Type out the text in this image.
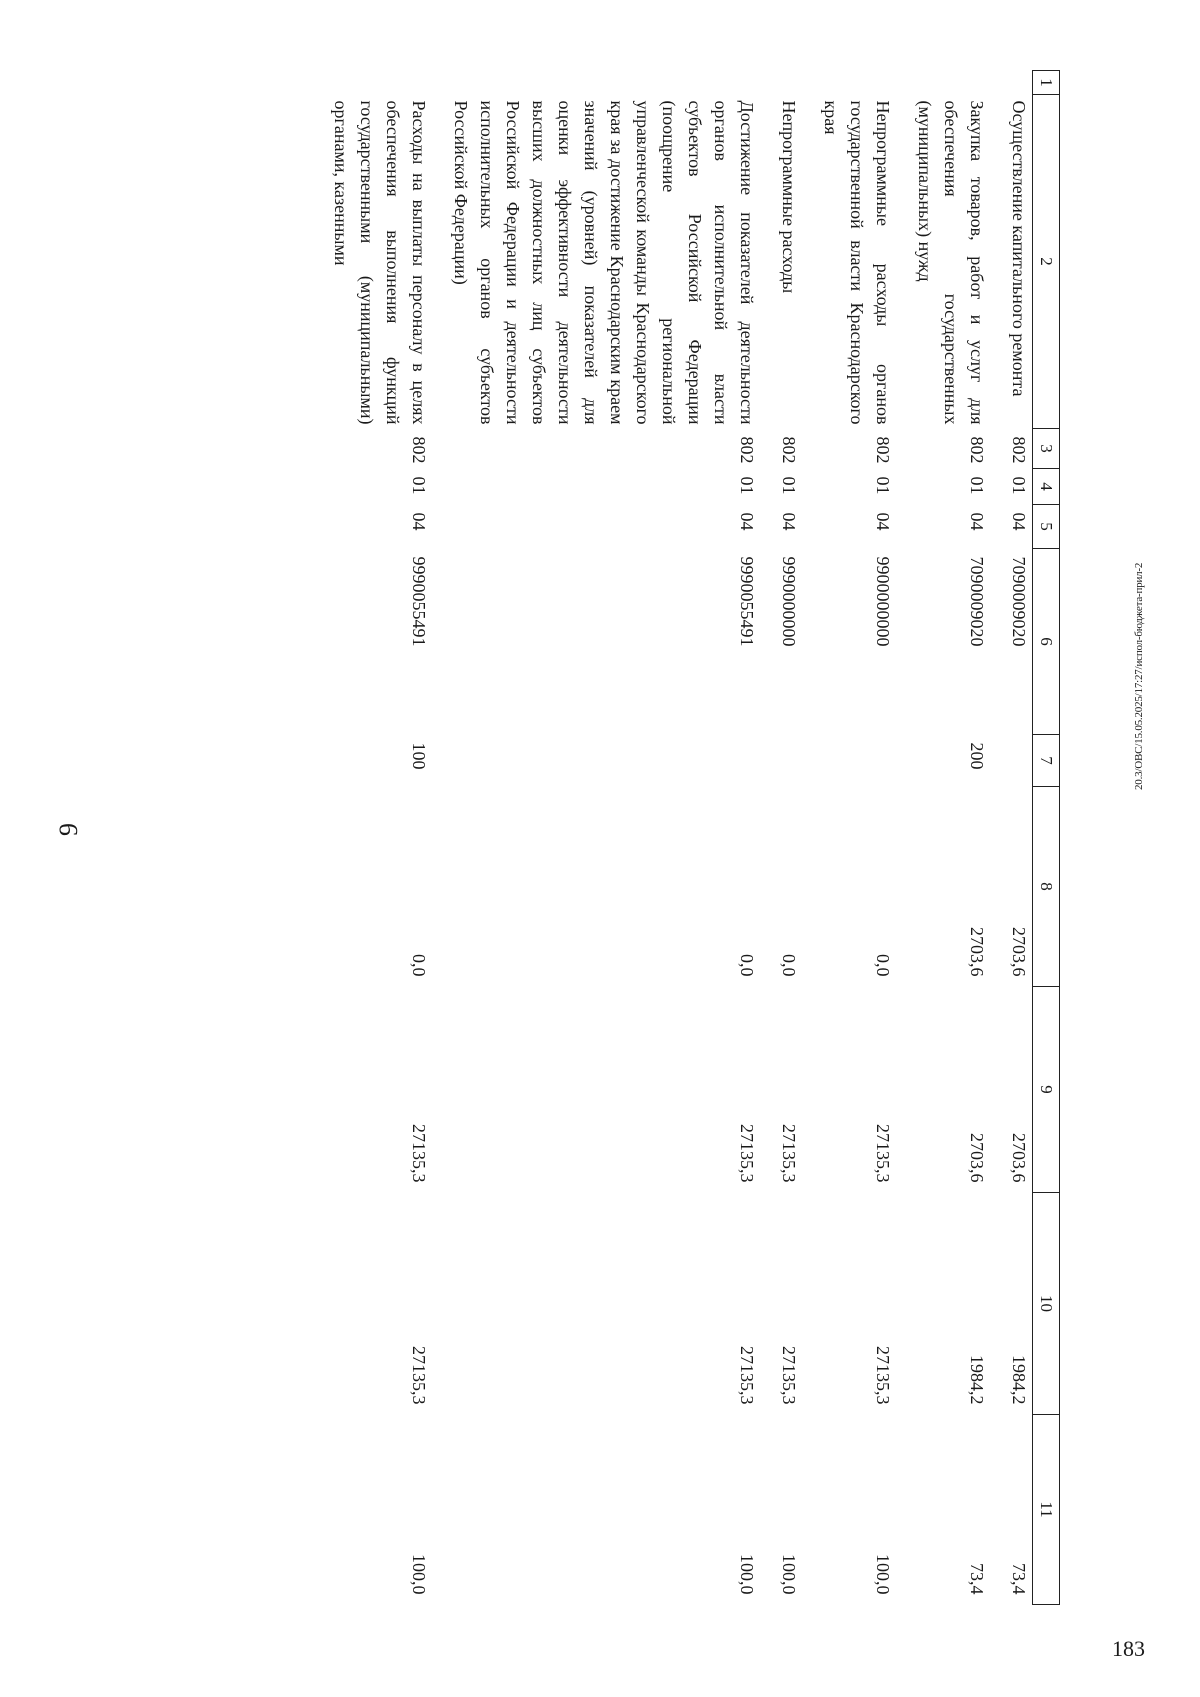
9
20.3/ОВС/15.05.2025/17:27/испол-бюджета-прил-2
183
1	2	3	4	5	6	7	8	9	10	11
	Осуществление капитального ремонта	802	01	04	7090009020		2703,6	2703,6	1984,2	73,4
	Закупка товаров, работ и услуг для обеспечения государственных (муниципальных) нужд	802	01	04	7090009020	200	2703,6	2703,6	1984,2	73,4
	Непрограммные расходы органов государственной власти Краснодарского края	802	01	04	9900000000		0,0	27135,3	27135,3	100,0
	Непрограммные расходы	802	01	04	9990000000		0,0	27135,3	27135,3	100,0
	Достижение показателей деятельности органов исполнительной власти субъектов Российской Федерации (поощрение региональной управленческой команды Краснодарского края за достижение Краснодарским краем значений (уровней) показателей для оценки эффективности деятельности высших должностных лиц субъектов Российской Федерации и деятельности исполнительных органов субъектов Российской Федерации)	802	01	04	9990055491		0,0	27135,3	27135,3	100,0
	Расходы на выплаты персоналу в целях обеспечения выполнения функций государственными (муниципальными) органами, казенными	802	01	04	9990055491	100	0,0	27135,3	27135,3	100,0
